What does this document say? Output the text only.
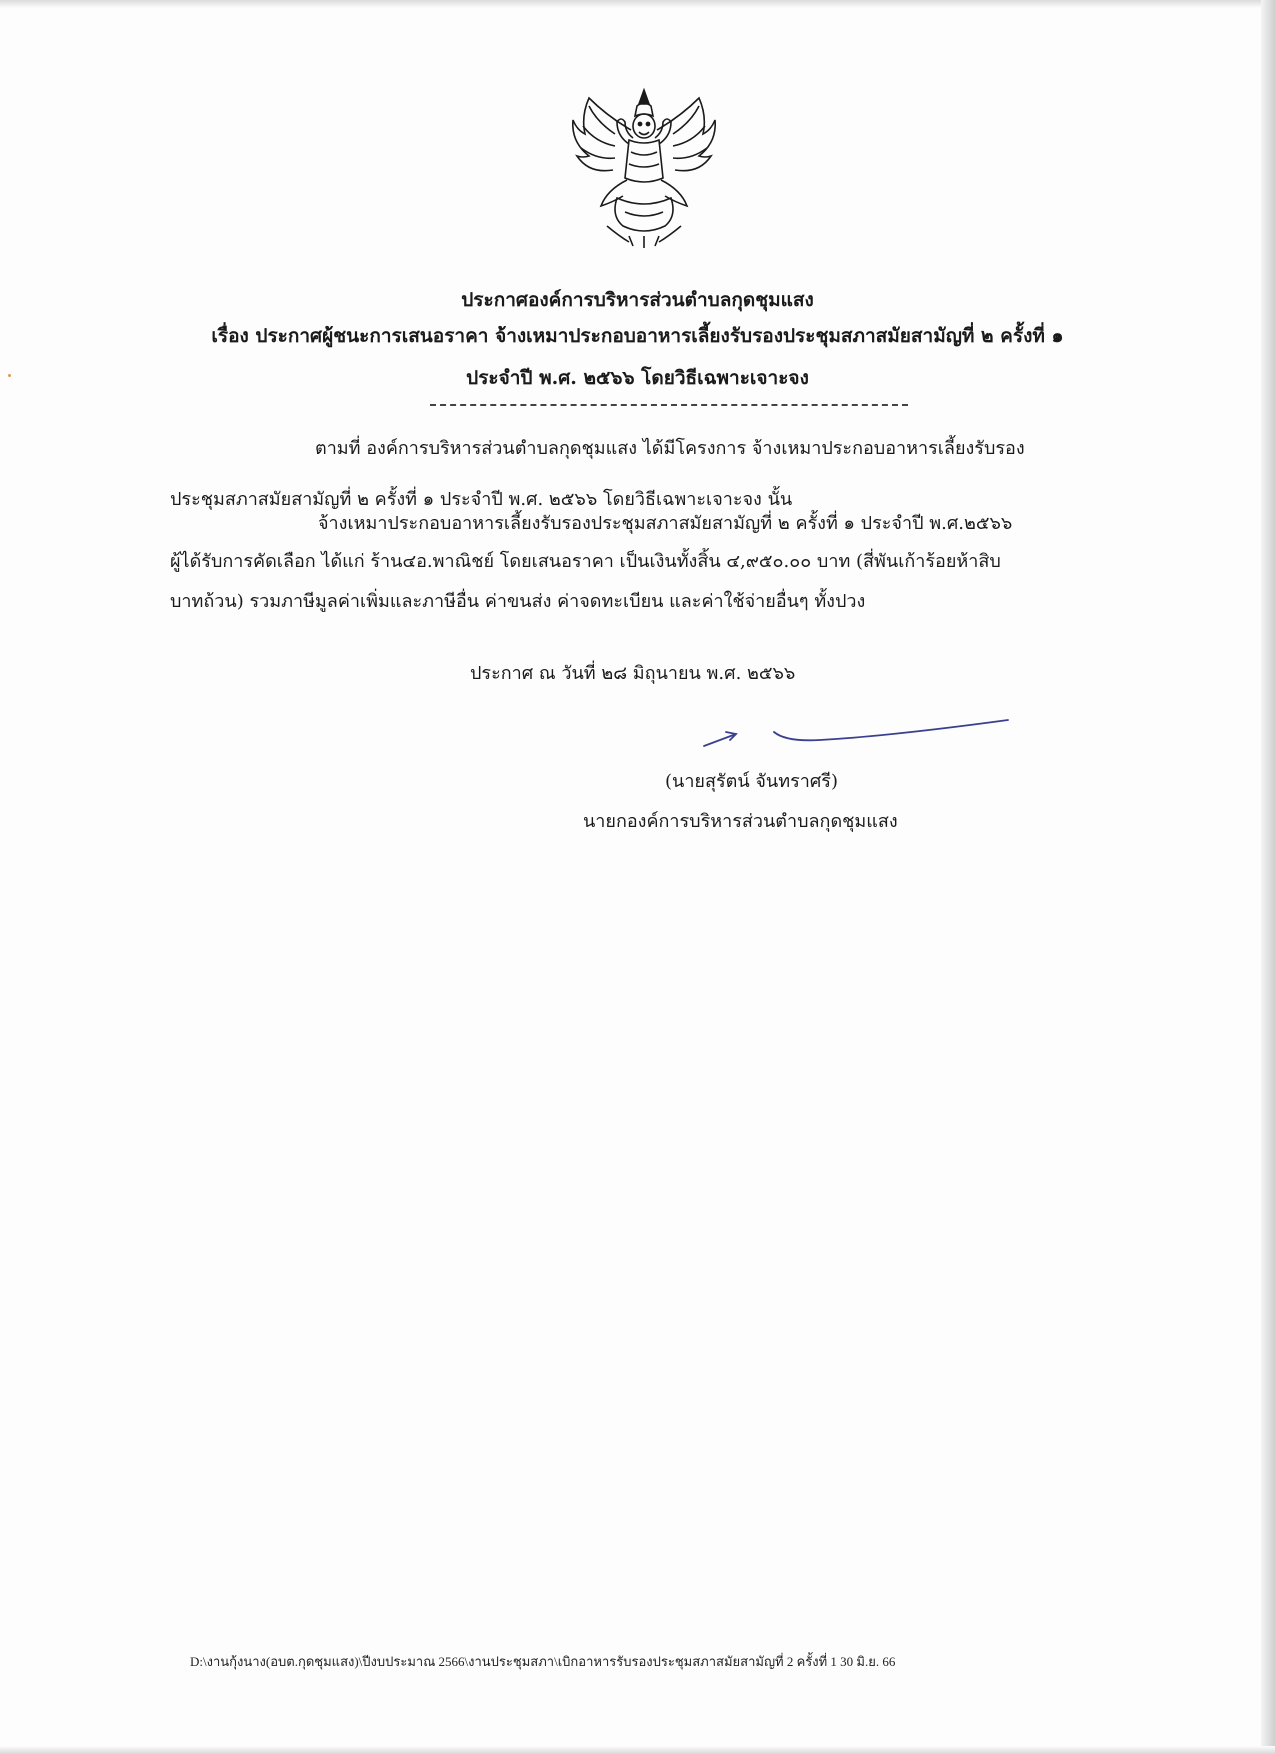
ประกาศองค์การบริหารส่วนตำบลกุดชุมแสง
เรื่อง ประกาศผู้ชนะการเสนอราคา จ้างเหมาประกอบอาหารเลี้ยงรับรองประชุมสภาสมัยสามัญที่ ๒ ครั้งที่ ๑
ประจำปี พ.ศ. ๒๕๖๖ โดยวิธีเฉพาะเจาะจง
ตามที่ องค์การบริหารส่วนตำบลกุดชุมแสง ได้มีโครงการ จ้างเหมาประกอบอาหารเลี้ยงรับรอง
ประชุมสภาสมัยสามัญที่ ๒ ครั้งที่ ๑ ประจำปี พ.ศ. ๒๕๖๖ โดยวิธีเฉพาะเจาะจง นั้น
จ้างเหมาประกอบอาหารเลี้ยงรับรองประชุมสภาสมัยสามัญที่ ๒ ครั้งที่ ๑ ประจำปี พ.ศ.๒๕๖๖
ผู้ได้รับการคัดเลือก ได้แก่ ร้าน๔อ.พาณิชย์ โดยเสนอราคา เป็นเงินทั้งสิ้น ๔,๙๕๐.๐๐ บาท (สี่พันเก้าร้อยห้าสิบ
บาทถ้วน) รวมภาษีมูลค่าเพิ่มและภาษีอื่น ค่าขนส่ง ค่าจดทะเบียน และค่าใช้จ่ายอื่นๆ ทั้งปวง
ประกาศ ณ วันที่ ๒๘ มิถุนายน พ.ศ. ๒๕๖๖
(นายสุรัตน์ จันทราศรี)
นายกองค์การบริหารส่วนตำบลกุดชุมแสง
D:\งานกุ้งนาง(อบต.กุดชุมแสง)\ปีงบประมาณ 2566\งานประชุมสภา\เบิกอาหารรับรองประชุมสภาสมัยสามัญที่ 2 ครั้งที่ 1 30 มิ.ย. 66
